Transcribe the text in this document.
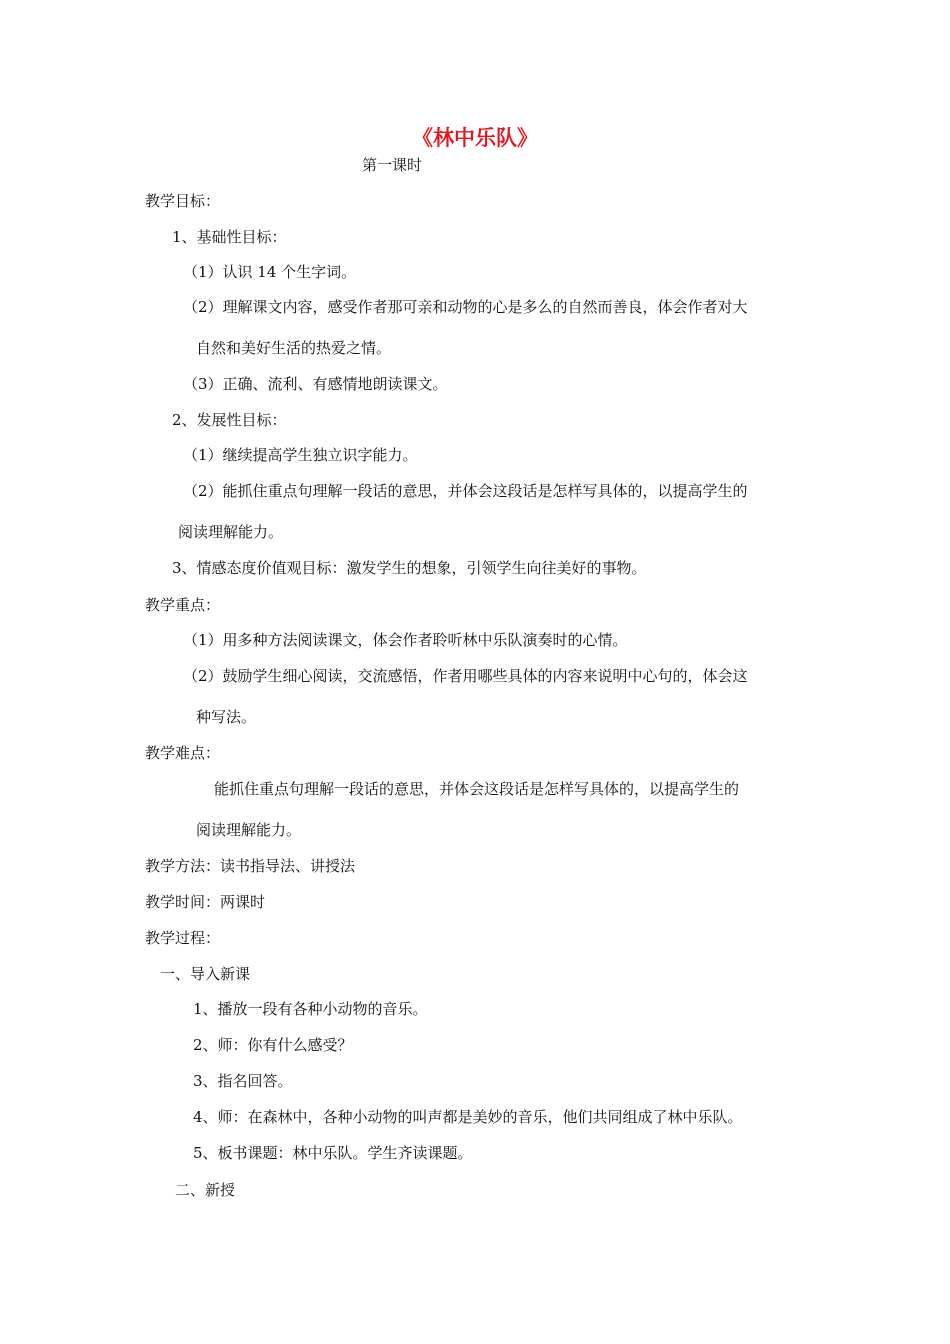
《林中乐队》
第一课时
教学目标：
1、基础性目标：
（1）认识 14 个生字词。
（2）理解课文内容，感受作者那可亲和动物的心是多么的自然而善良，体会作者对大
自然和美好生活的热爱之情。
（3）正确、流利、有感情地朗读课文。
2、发展性目标：
（1）继续提高学生独立识字能力。
（2）能抓住重点句理解一段话的意思，并体会这段话是怎样写具体的，以提高学生的
阅读理解能力。
3、情感态度价值观目标：激发学生的想象，引领学生向往美好的事物。
教学重点：
（1）用多种方法阅读课文，体会作者聆听林中乐队演奏时的心情。
（2）鼓励学生细心阅读，交流感悟，作者用哪些具体的内容来说明中心句的，体会这
种写法。
教学难点：
能抓住重点句理解一段话的意思，并体会这段话是怎样写具体的，以提高学生的
阅读理解能力。
教学方法：读书指导法、讲授法
教学时间：两课时
教学过程：
一、导入新课
1、播放一段有各种小动物的音乐。
2、师：你有什么感受？
3、指名回答。
4、师：在森林中，各种小动物的叫声都是美妙的音乐，他们共同组成了林中乐队。
5、板书课题：林中乐队。学生齐读课题。
二、新授
